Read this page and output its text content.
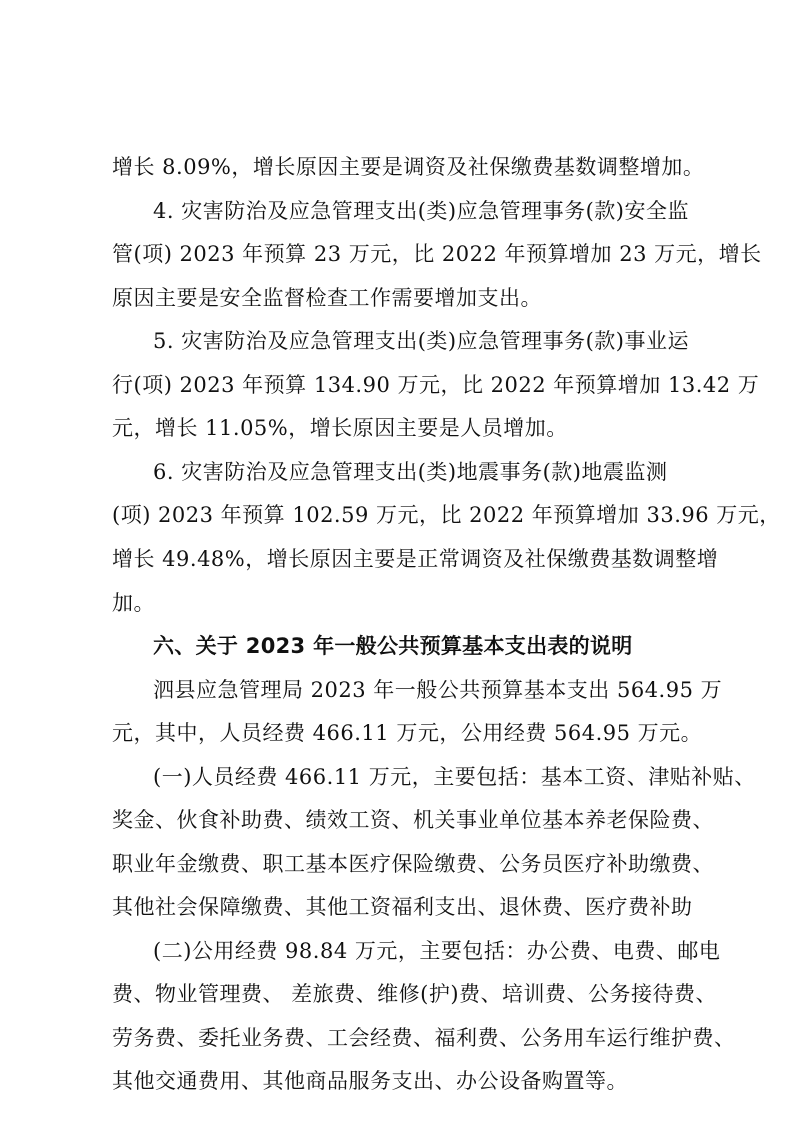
增长 8.09%，增长原因主要是调资及社保缴费基数调整增加。
4. 灾害防治及应急管理支出(类)应急管理事务(款)安全监
管(项) 2023 年预算 23 万元，比 2022 年预算增加 23 万元，增长
原因主要是安全监督检查工作需要增加支出。
5. 灾害防治及应急管理支出(类)应急管理事务(款)事业运
行(项) 2023 年预算 134.90 万元，比 2022 年预算增加 13.42 万
元，增长 11.05%，增长原因主要是人员增加。
6. 灾害防治及应急管理支出(类)地震事务(款)地震监测
(项) 2023 年预算 102.59 万元，比 2022 年预算增加 33.96 万元，
增长 49.48%，增长原因主要是正常调资及社保缴费基数调整增
加。
六、关于 2023 年一般公共预算基本支出表的说明
泗县应急管理局 2023 年一般公共预算基本支出 564.95 万
元，其中，人员经费 466.11 万元，公用经费 564.95 万元。
(一)人员经费 466.11 万元，主要包括：基本工资、津贴补贴、
奖金、伙食补助费、绩效工资、机关事业单位基本养老保险费、
职业年金缴费、职工基本医疗保险缴费、公务员医疗补助缴费、
其他社会保障缴费、其他工资福利支出、退休费、医疗费补助
(二)公用经费 98.84 万元，主要包括：办公费、电费、邮电
费、物业管理费、 差旅费、维修(护)费、培训费、公务接待费、
劳务费、委托业务费、工会经费、福利费、公务用车运行维护费、
其他交通费用、其他商品服务支出、办公设备购置等。
